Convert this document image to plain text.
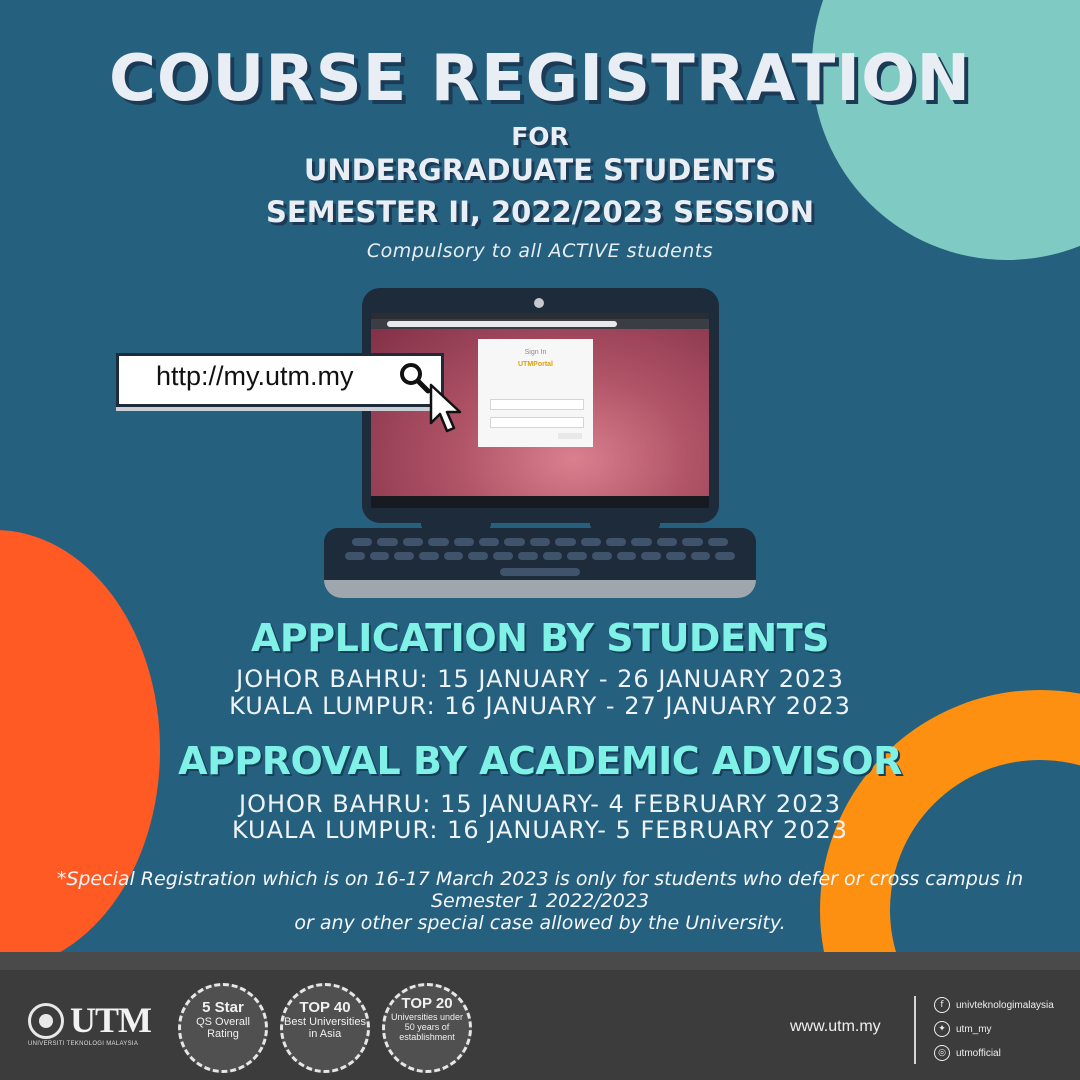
COURSE REGISTRATION
FOR
UNDERGRADUATE STUDENTS
SEMESTER II, 2022/2023 SESSION
Compulsory to all ACTIVE students
Sign In
UTMPortal
http://my.utm.my
APPLICATION BY STUDENTS
JOHOR BAHRU: 15 JANUARY - 26 JANUARY 2023
KUALA LUMPUR: 16 JANUARY - 27 JANUARY 2023
APPROVAL BY ACADEMIC ADVISOR
JOHOR BAHRU: 15 JANUARY- 4 FEBRUARY 2023
KUALA LUMPUR: 16 JANUARY- 5 FEBRUARY 2023

*Special Registration which is on 16-17 March 2023 is only for students who defer or cross campus in

Semester 1 2022/2023

or any other special case allowed by the University.

UTM
UNIVERSITI TEKNOLOGI MALAYSIA
5 Star
QS Overall Rating
TOP 40
Best Universities in Asia
TOP 20
Universities under 50 years of establishment
www.utm.my
f	univteknologimalaysia
✦	utm_my
◎	utmofficial
